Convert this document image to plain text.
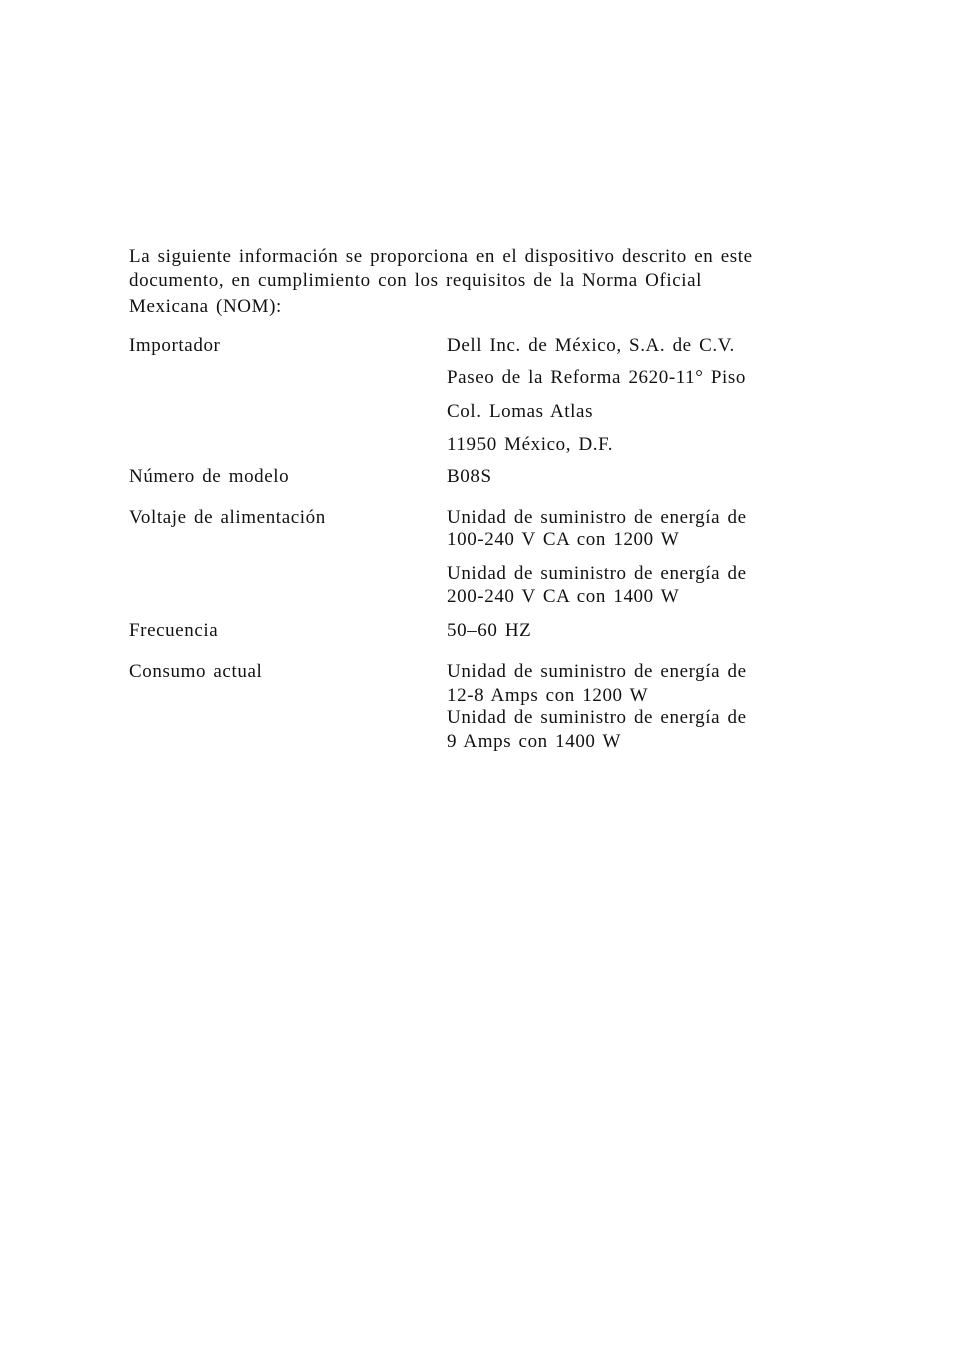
La siguiente información se proporciona en el dispositivo descrito en este
documento, en cumplimiento con los requisitos de la Norma Oficial
Mexicana (NOM):
Importador	Dell Inc. de México, S.A. de C.V.
Paseo de la Reforma 2620-11° Piso
Col. Lomas Atlas
11950 México, D.F.
Número de modelo	B08S
Voltaje de alimentación	Unidad de suministro de energía de
100-240 V CA con 1200 W
Unidad de suministro de energía de
200-240 V CA con 1400 W
Frecuencia	50–60 HZ
Consumo actual	Unidad de suministro de energía de
12-8 Amps con 1200 W
Unidad de suministro de energía de
9 Amps con 1400 W
